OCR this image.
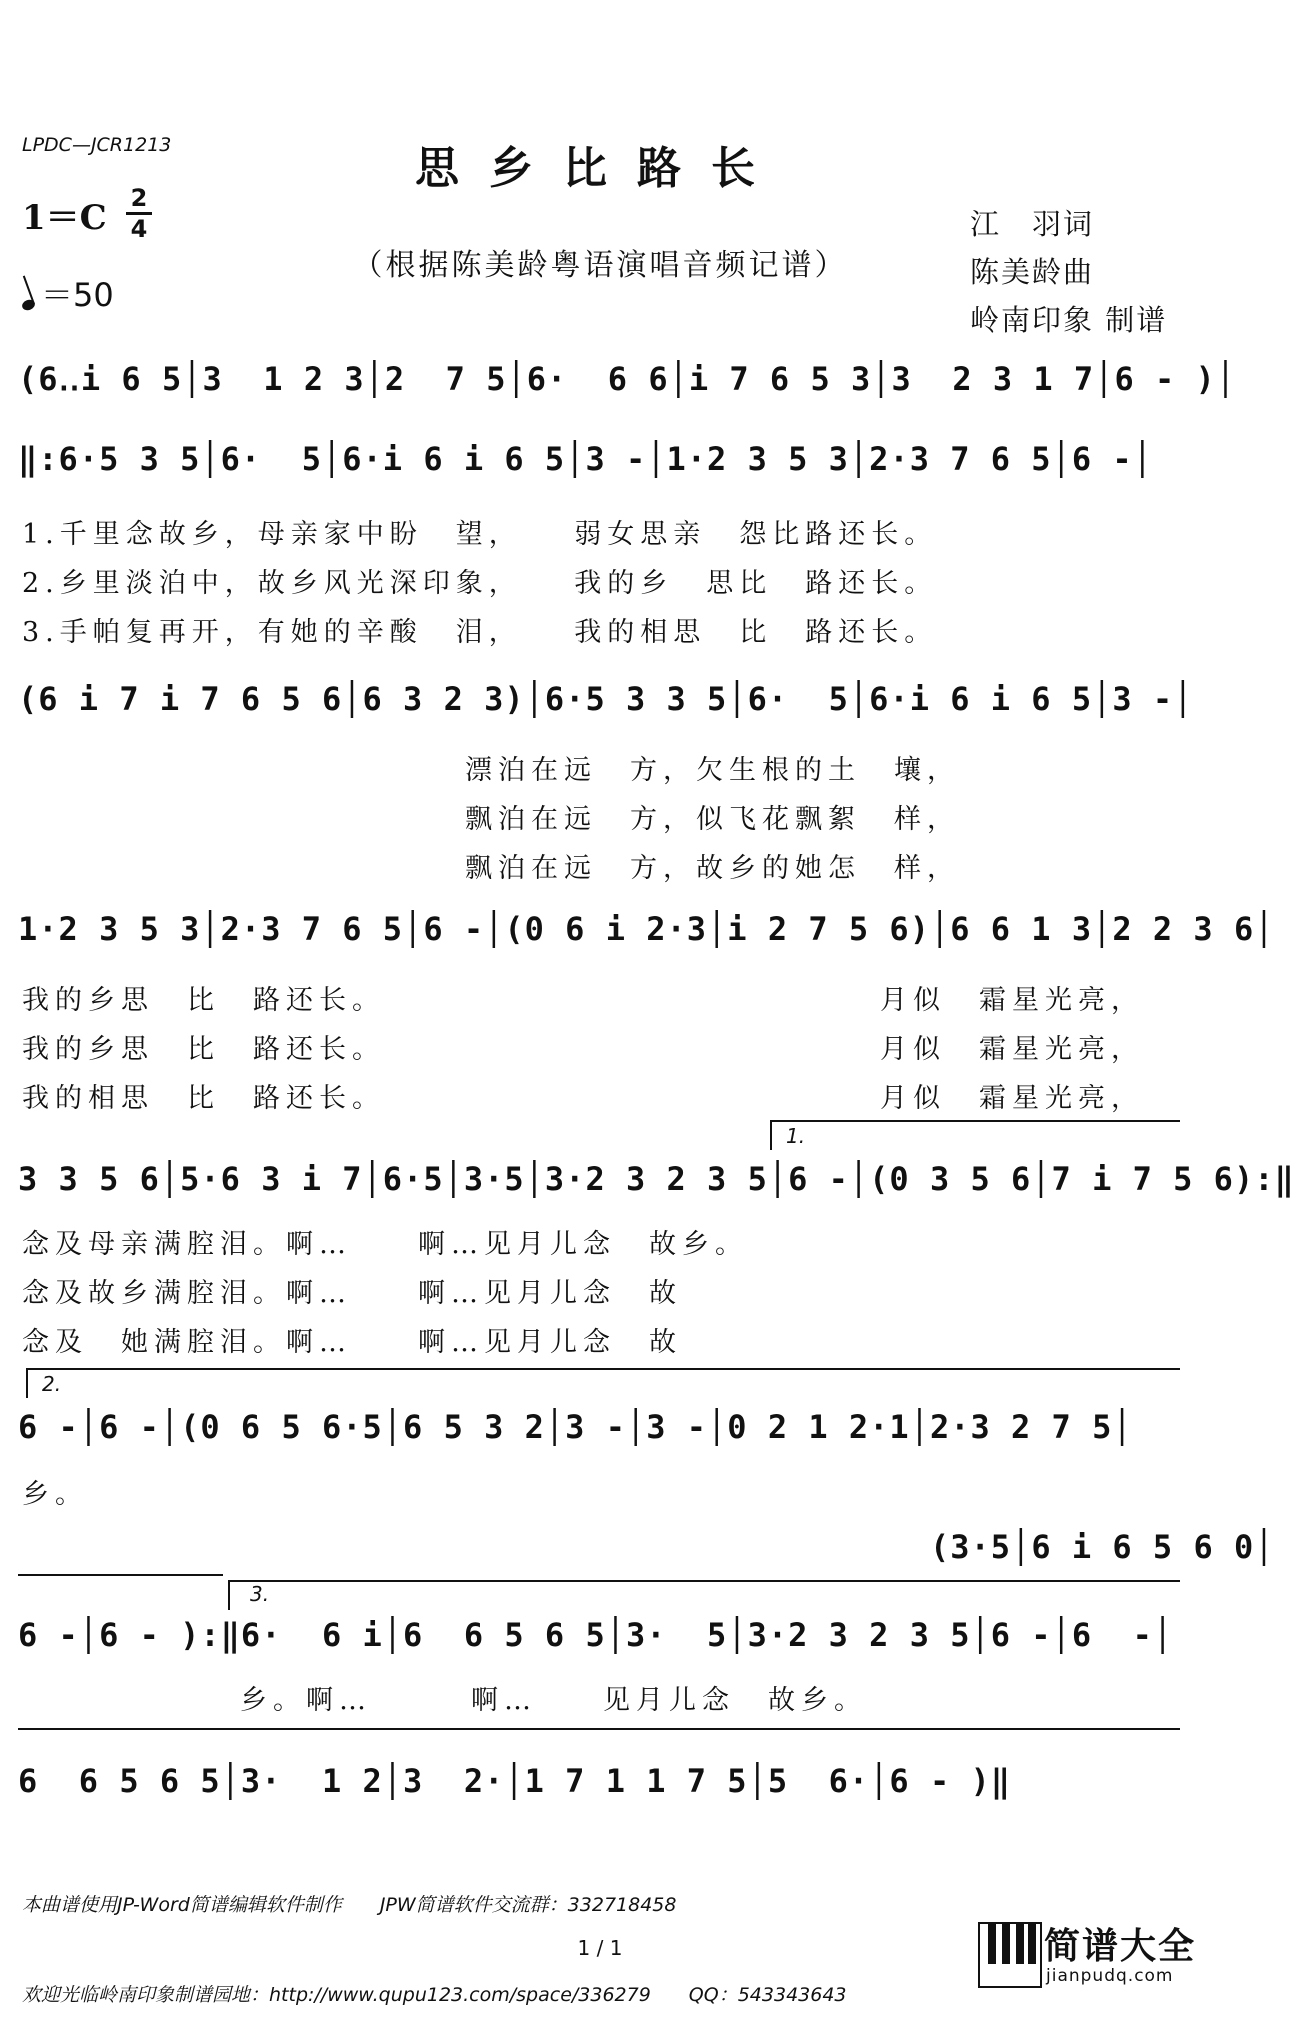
LPDC—JCR1213	思乡比路长
（根据陈美龄粤语演唱音频记谱）
1＝C 2
4
＝50
江　羽词
陈美龄曲
岭南印象 制谱
(6‥i 6 5│3  1 2 3│2  7 5│6·  6 6│i 7 6 5 3│3  2 3 1 7│6 - )│
‖:6·5 3 5│6·  5│6·i 6 i 6 5│3 -│1·2 3 5 3│2·3 7 6 5│6 -│
1.千里念故乡，母亲家中盼　望，　　弱女思亲　怨比路还长。
2.乡里淡泊中，故乡风光深印象，　　我的乡　思比　路还长。
3.手帕复再开，有她的辛酸　泪，　　我的相思　比　路还长。
(6 i 7 i 7 6 5 6│6 3 2 3)│6·5 3 3 5│6·  5│6·i 6 i 6 5│3 -│
漂泊在远　方，欠生根的土　壤，
飘泊在远　方，似飞花飘絮　样，
飘泊在远　方，故乡的她怎　样，
1·2 3 5 3│2·3 7 6 5│6 -│(0 6 i 2·3│i 2 7 5 6)│6 6 1 3│2 2 3 6│
我的乡思　比　路还长。
我的乡思　比　路还长。
我的相思　比　路还长。
月似　霜星光亮，
月似　霜星光亮，
月似　霜星光亮，
1.
3 3 5 6│5·6 3 i 7│6·5│3·5│3·2 3 2 3 5│6 -│(0 3 5 6│7 i 7 5 6):‖
念及母亲满腔泪。啊…　　啊…见月儿念　故乡。
念及故乡满腔泪。啊…　　啊…见月儿念　故
念及　她满腔泪。啊…　　啊…见月儿念　故
2.
6 -│6 -│(0 6 5 6·5│6 5 3 2│3 -│3 -│0 2 1 2·1│2·3 2 7 5│
乡。
(3·5│6 i 6 5 6 0│
3.
6 -│6 - ):‖6·  6 i│6  6 5 6 5│3·  5│3·2 3 2 3 5│6 -│6  -│
乡。啊…　　　啊…　　见月儿念　故乡。
6  6 5 6 5│3·  1 2│3  2·│1 7 1 1 7 5│5  6·│6 - )‖

本曲谱使用JP-Word简谱编辑软件制作　　JPW简谱软件交流群：332718458

欢迎光临岭南印象制谱园地：http://www.qupu123.com/space/336279　　QQ：543343643

1 / 1	简谱大全
jianpudq.com
